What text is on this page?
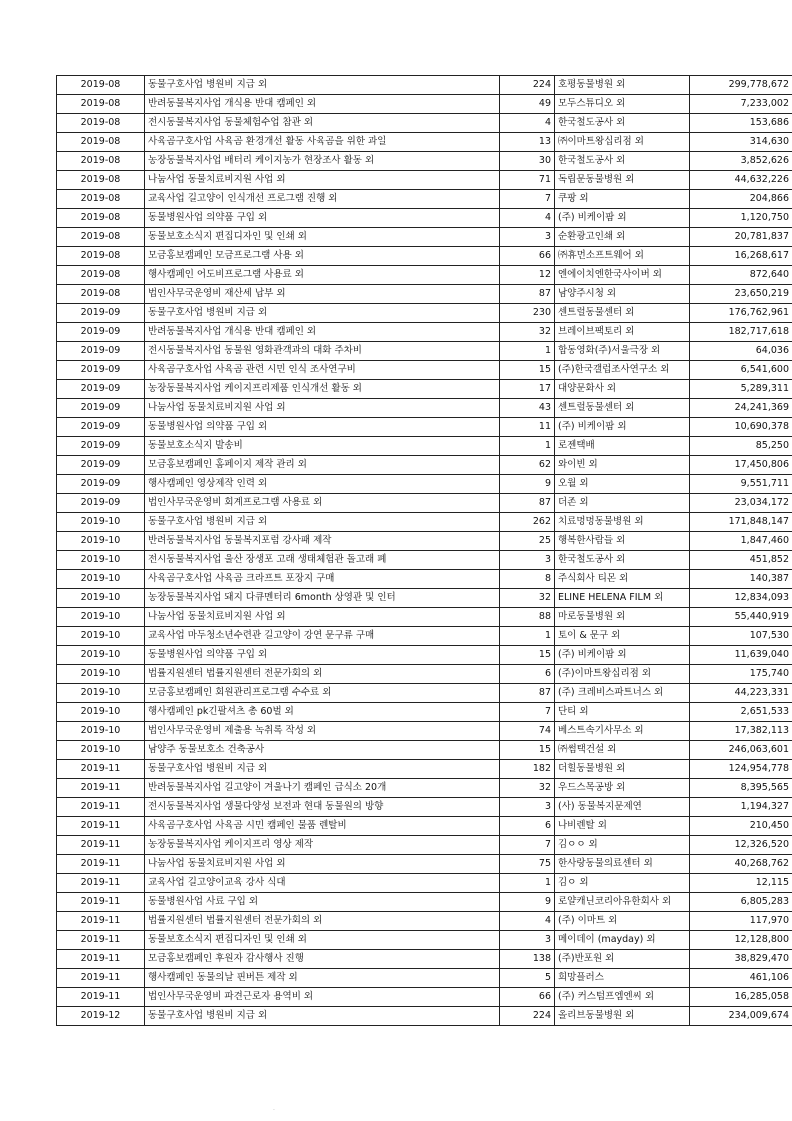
2019-08	동물구호사업 병원비 지급 외	224	호평동물병원 외	299,778,672
2019-08	반려동물복지사업 개식용 반대 캠페인 외	49	모두스튜디오 외	7,233,002
2019-08	전시동물복지사업 동물체험수업 참관 외	4	한국철도공사 외	153,686
2019-08	사육곰구호사업 사육곰 환경개선 활동 사육곰을 위한 과일	13	㈜이마트왕십리점 외	314,630
2019-08	농장동물복지사업 배터리 케이지농가 현장조사 활동 외	30	한국철도공사 외	3,852,626
2019-08	나눔사업 동물치료비지원 사업 외	71	독립문동물병원 외	44,632,226
2019-08	교육사업 길고양이 인식개선 프로그램 진행 외	7	쿠팡 외	204,866
2019-08	동물병원사업 의약품 구입 외	4	(주) 비케이팜 외	1,120,750
2019-08	동물보호소식지 편집디자인 및 인쇄 외	3	순환광고인쇄 외	20,781,837
2019-08	모금홍보캠페인 모금프로그램 사용 외	66	㈜휴먼소프트웨어 외	16,268,617
2019-08	행사캠페인 어도비프로그램 사용료 외	12	엔에이치엔한국사이버 외	872,640
2019-08	법인사무국운영비 재산세 납부 외	87	남양주시청 외	23,650,219
2019-09	동물구호사업 병원비 지급 외	230	센트럴동물센터 외	176,762,961
2019-09	반려동물복지사업 개식용 반대 캠페인 외	32	브레이브팩토리 외	182,717,618
2019-09	전시동물복지사업 동물원 영화관객과의 대화 주차비	1	합동영화(주)서울극장 외	64,036
2019-09	사육곰구호사업 사육곰 관련 시민 인식 조사연구비	15	(주)한국갤럽조사연구소 외	6,541,600
2019-09	농장동물복지사업 케이지프리제품 인식개선 활동 외	17	대양문화사 외	5,289,311
2019-09	나눔사업 동물치료비지원 사업 외	43	센트럴동물센터 외	24,241,369
2019-09	동물병원사업 의약품 구입 외	11	(주) 비케이팜 외	10,690,378
2019-09	동물보호소식지 발송비	1	로젠택배	85,250
2019-09	모금홍보캠페인 홈페이지 제작 관리 외	62	와이빈 외	17,450,806
2019-09	행사캠페인 영상제작 인력 외	9	오월 외	9,551,711
2019-09	법인사무국운영비 회계프로그램 사용료 외	87	더존 외	23,034,172
2019-10	동물구호사업 병원비 지급 외	262	치료멍멍동물병원 외	171,848,147
2019-10	반려동물복지사업 동물복지포럼 강사패 제작	25	행복한사람들 외	1,847,460
2019-10	전시동물복지사업 울산 장생포 고래 생태체험관 돌고래 폐	3	한국철도공사 외	451,852
2019-10	사육곰구호사업 사육곰 크라프트 포장지 구매	8	주식회사 티몬 외	140,387
2019-10	농장동물복지사업 돼지 다큐멘터리 6month 상영관 및 인터	32	ELINE HELENA FILM 외	12,834,093
2019-10	나눔사업 동물치료비지원 사업 외	88	마로동물병원 외	55,440,919
2019-10	교육사업 마두청소년수련관 길고양이 강연 문구류 구매	1	토이 & 문구 외	107,530
2019-10	동물병원사업 의약품 구입 외	15	(주) 비케이팜 외	11,639,040
2019-10	법률지원센터 법률지원센터 전문가회의 외	6	(주)이마트왕십리점 외	175,740
2019-10	모금홍보캠페인 회원관리프로그램 수수료 외	87	(주) 크레비스파트너스 외	44,223,331
2019-10	행사캠페인 pk긴팔셔츠 총 60벌 외	7	단티 외	2,651,533
2019-10	법인사무국운영비 제출용 녹취록 작성 외	74	베스트속기사무소 외	17,382,113
2019-10	남양주 동물보호소 건축공사	15	㈜썸택건설 외	246,063,601
2019-11	동물구호사업 병원비 지급 외	182	더힐동물병원 외	124,954,778
2019-11	반려동물복지사업 길고양이 겨울나기 캠페인 급식소 20개	32	우드스목공방 외	8,395,565
2019-11	전시동물복지사업 생물다양성 보전과 현대 동물원의 방향	3	(사) 동물복지문제연	1,194,327
2019-11	사육곰구호사업 사육곰 시민 캠페인 물품 렌탈비	6	나비렌탈 외	210,450
2019-11	농장동물복지사업 케이지프리 영상 제작	7	김ㅇㅇ 외	12,326,520
2019-11	나눔사업 동물치료비지원 사업 외	75	한사랑동물의료센터 외	40,268,762
2019-11	교육사업 길고양이교육 강사 식대	1	김ㅇ 외	12,115
2019-11	동물병원사업 사료 구입 외	9	로얄캐닌코리아유한회사 외	6,805,283
2019-11	법률지원센터 법률지원센터 전문가회의 외	4	(주) 이마트 외	117,970
2019-11	동물보호소식지 편집디자인 및 인쇄 외	3	메이데이 (mayday) 외	12,128,800
2019-11	모금홍보캠페인 후원자 감사행사 진행	138	(주)반포원 외	38,829,470
2019-11	행사캠페인 동물의날 핀버튼 제작 외	5	희망플러스	461,106
2019-11	법인사무국운영비 파견근로자 용역비 외	66	(주) 커스텀프엠엔씨 외	16,285,058
2019-12	동물구호사업 병원비 지급 외	224	올리브동물병원 외	234,009,674
·
